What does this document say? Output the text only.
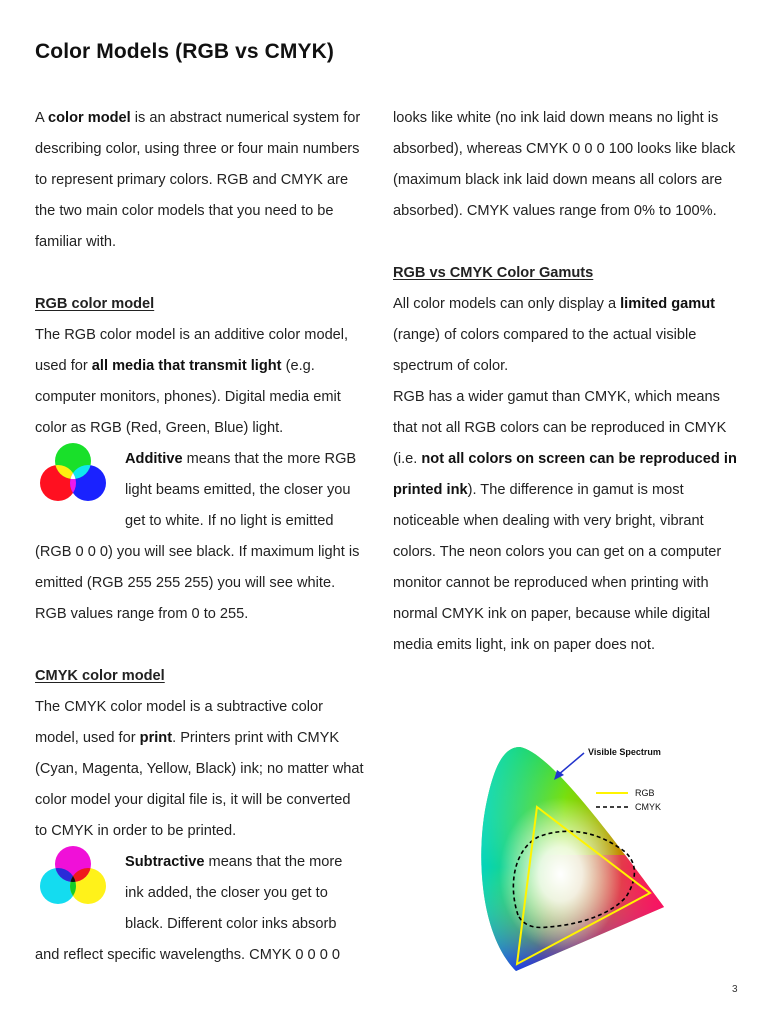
Color Models (RGB vs CMYK)

A color model is an abstract numerical system for describing color, using three or four main numbers to represent primary colors. RGB and CMYK are the two main color models that you need to be familiar with.

RGB color model

The RGB color model is an additive color model, used for all media that transmit light (e.g. computer monitors, phones). Digital media emit color as RGB (Red, Green, Blue) light.

Additive means that the more RGB light beams emitted, the closer you get to white. If no light is emitted

(RGB 0 0 0) you will see black. If maximum light is emitted (RGB 255 255 255) you will see white. RGB values range from 0 to 255.

CMYK color model

The CMYK color model is a subtractive color model, used for print. Printers print with CMYK (Cyan, Magenta, Yellow, Black) ink; no matter what color model your digital file is, it will be converted to CMYK in order to be printed.

Subtractive means that the more ink added, the closer you get to black. Different color inks absorb

and reflect specific wavelengths. CMYK 0 0 0 0

looks like white (no ink laid down means no light is absorbed), whereas CMYK 0 0 0 100 looks like black (maximum black ink laid down means all colors are absorbed). CMYK values range from 0% to 100%.

RGB vs CMYK Color Gamuts

All color models can only display a limited gamut (range) of colors compared to the actual visible spectrum of color.

RGB has a wider gamut than CMYK, which means that not all RGB colors can be reproduced in CMYK (i.e. not all colors on screen can be reproduced in printed ink). The difference in gamut is most noticeable when dealing with very bright, vibrant colors. The neon colors you can get on a computer monitor cannot be reproduced when printing with normal CMYK ink on paper, because while digital media emits light, ink on paper does not.

Visible Spectrum
RGB
CMYK
3
